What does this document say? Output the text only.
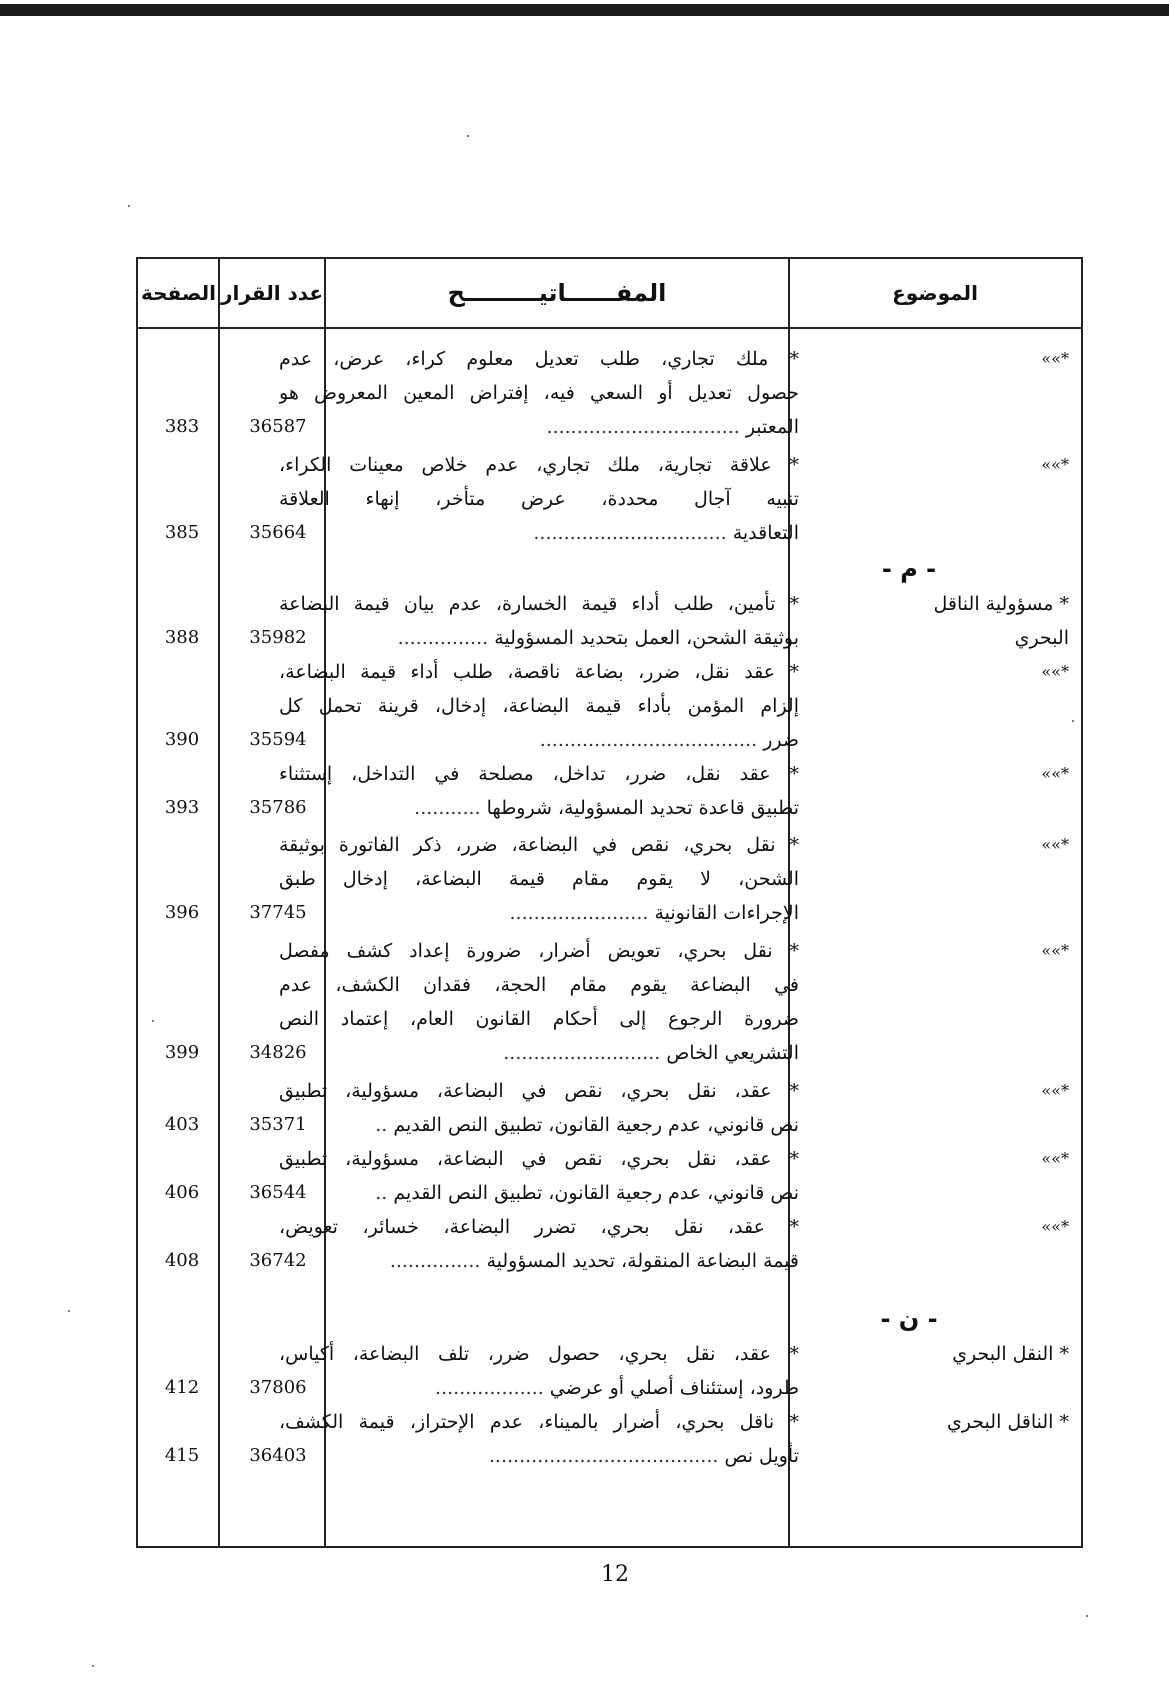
الصفحة عدد القرار	المفــــــاتيـــــــــح	الموضوع
*»»
* ملك تجاري، طلب تعديل معلوم كراء، عرض، عدم
حصول تعديل أو السعي فيه، إفتراض المعين المعروض هو
المعتبر ................................
36587
383
*»»
* علاقة تجارية، ملك تجاري، عدم خلاص معينات الكراء،
تنبيه آجال محددة، عرض متأخر، إنهاء العلاقة
التعاقدية ................................
35664
385
- م -
* مسؤولية الناقل البحري
* تأمين، طلب أداء قيمة الخسارة، عدم بيان قيمة البضاعة
بوثيقة الشحن، العمل بتحديد المسؤولية ...............
35982
388
*»»
* عقد نقل، ضرر، بضاعة ناقصة، طلب أداء قيمة البضاعة،
إلزام المؤمن بأداء قيمة البضاعة، إدخال، قرينة تحمل كل
ضرر ....................................
35594
390
*»»
* عقد نقل، ضرر، تداخل، مصلحة في التداخل، إستثناء
تطبيق قاعدة تحديد المسؤولية، شروطها ...........
35786
393
*»»
* نقل بحري، نقص في البضاعة، ضرر، ذكر الفاتورة بوثيقة
الشحن، لا يقوم مقام قيمة البضاعة، إدخال طبق
الإجراءات القانونية .......................
37745
396
*»»
* نقل بحري، تعويض أضرار، ضرورة إعداد كشف مفصل
في البضاعة يقوم مقام الحجة، فقدان الكشف، عدم
ضرورة الرجوع إلى أحكام القانون العام، إعتماد النص
التشريعي الخاص ..........................
34826
399
*»»
* عقد، نقل بحري، نقص في البضاعة، مسؤولية، تطبيق
نص قانوني، عدم رجعية القانون، تطبيق النص القديم ..
35371
403
*»»
* عقد، نقل بحري، نقص في البضاعة، مسؤولية، تطبيق
نص قانوني، عدم رجعية القانون، تطبيق النص القديم ..
36544
406
*»»
* عقد، نقل بحري، تضرر البضاعة، خسائر، تعويض،
قيمة البضاعة المنقولة، تحديد المسؤولية ...............
36742
408
- ن -
* النقل البحري
* عقد، نقل بحري، حصول ضرر، تلف البضاعة، أكياس،
طرود، إستئناف أصلي أو عرضي ..................
37806
412
* الناقل البحري
* ناقل بحري، أضرار بالميناء، عدم الإحتراز، قيمة الكشف،
تأويل نص ......................................
36403
415
12
